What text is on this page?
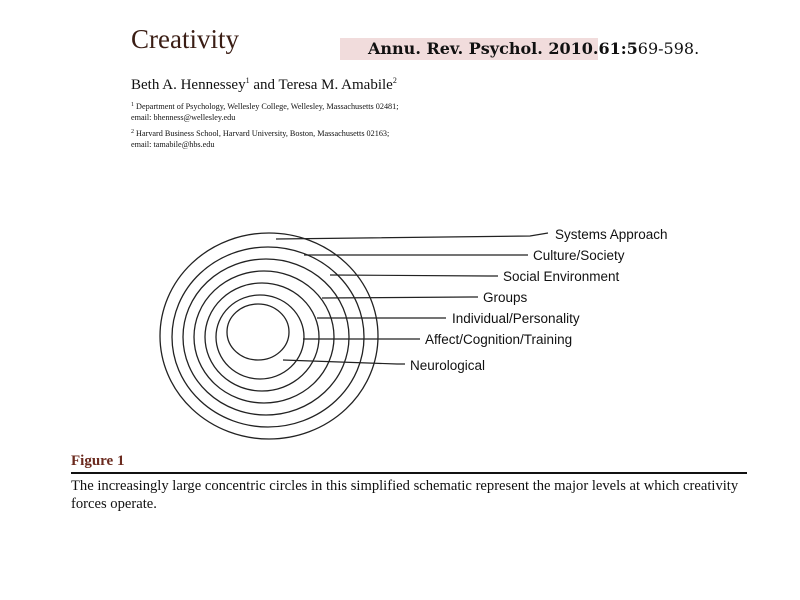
Creativity	Annu. Rev. Psychol. 2010.61:569-598.
Beth A. Hennessey$^1$ and Teresa M. Amabile$^2$
$^1$ Department of Psychology, Wellesley College, Wellesley, Massachusetts 02481;
email: bhenness@wellesley.edu
$^2$ Harvard Business School, Harvard University, Boston, Massachusetts 02163;
email: tamabile@hbs.edu
Systems Approach
Culture/Society
Social Environment
Groups
Individual/Personality
Affect/Cognition/Training
Neurological
Figure 1
The increasingly large concentric circles in this simplified schematic represent the major levels at which creativity forces operate.
